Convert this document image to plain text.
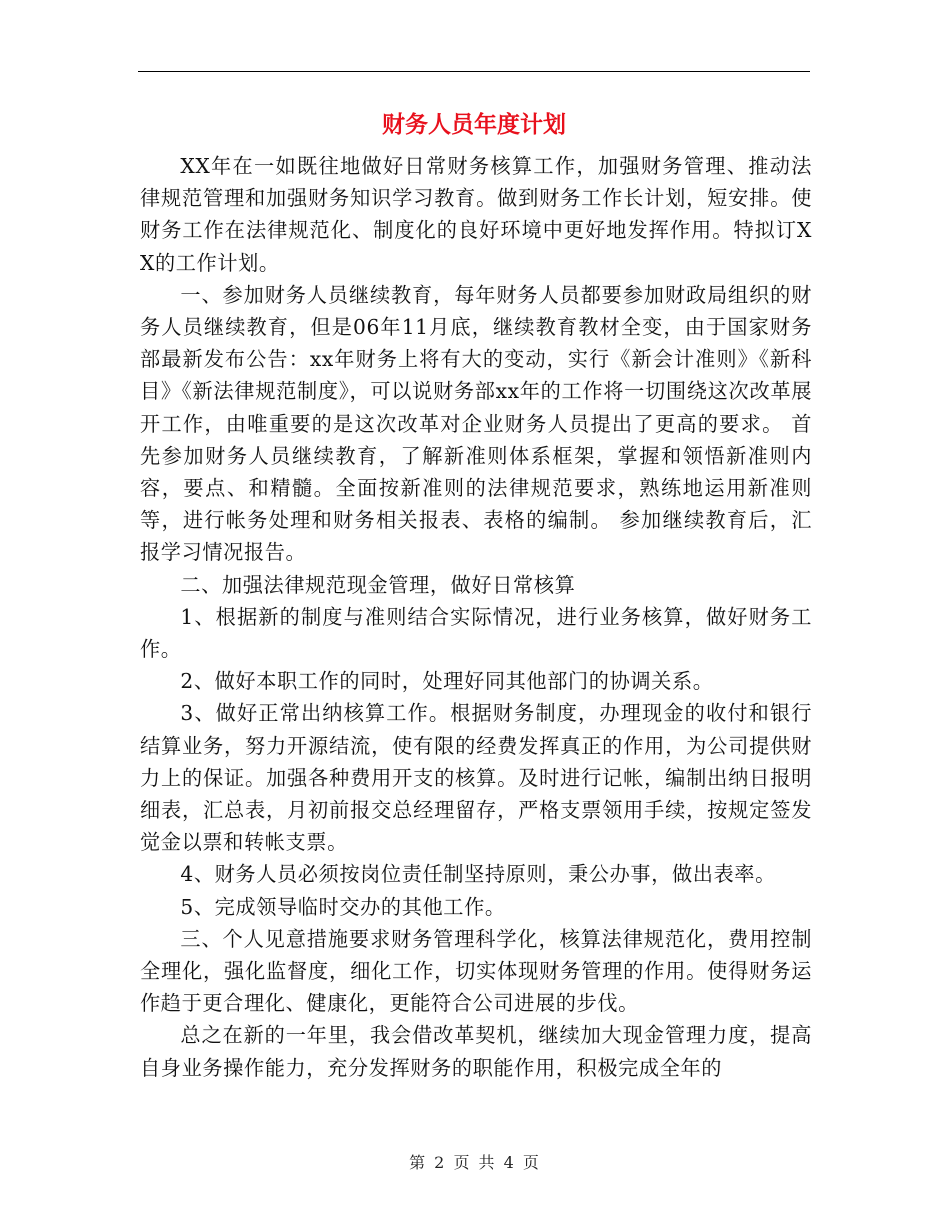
财务人员年度计划

XX年在一如既往地做好日常财务核算工作，加强财务管理、推动法律规范管理和加强财务知识学习教育。做到财务工作长计划，短安排。使财务工作在法律规范化、制度化的良好环境中更好地发挥作用。特拟订XX的工作计划。

一、参加财务人员继续教育，每年财务人员都要参加财政局组织的财务人员继续教育，但是06年11月底，继续教育教材全变，由于国家财务部最新发布公告：xx年财务上将有大的变动，实行《新会计准则》《新科目》《新法律规范制度》，可以说财务部xx年的工作将一切围绕这次改革展开工作，由唯重要的是这次改革对企业财务人员提出了更高的要求。 首先参加财务人员继续教育，了解新准则体系框架，掌握和领悟新准则内容，要点、和精髓。全面按新准则的法律规范要求，熟练地运用新准则等，进行帐务处理和财务相关报表、表格的编制。 参加继续教育后，汇报学习情况报告。

二、加强法律规范现金管理，做好日常核算

1、根据新的制度与准则结合实际情况，进行业务核算，做好财务工作。

2、做好本职工作的同时，处理好同其他部门的协调关系。

3、做好正常出纳核算工作。根据财务制度，办理现金的收付和银行结算业务，努力开源结流，使有限的经费发挥真正的作用，为公司提供财力上的保证。加强各种费用开支的核算。及时进行记帐，编制出纳日报明细表，汇总表，月初前报交总经理留存，严格支票领用手续，按规定签发觉金以票和转帐支票。

4、财务人员必须按岗位责任制坚持原则，秉公办事，做出表率。

5、完成领导临时交办的其他工作。

三、个人见意措施要求财务管理科学化，核算法律规范化，费用控制全理化，强化监督度，细化工作，切实体现财务管理的作用。使得财务运作趋于更合理化、健康化，更能符合公司进展的步伐。

总之在新的一年里，我会借改革契机，继续加大现金管理力度，提高自身业务操作能力，充分发挥财务的职能作用，积极完成全年的

第 2 页 共 4 页
